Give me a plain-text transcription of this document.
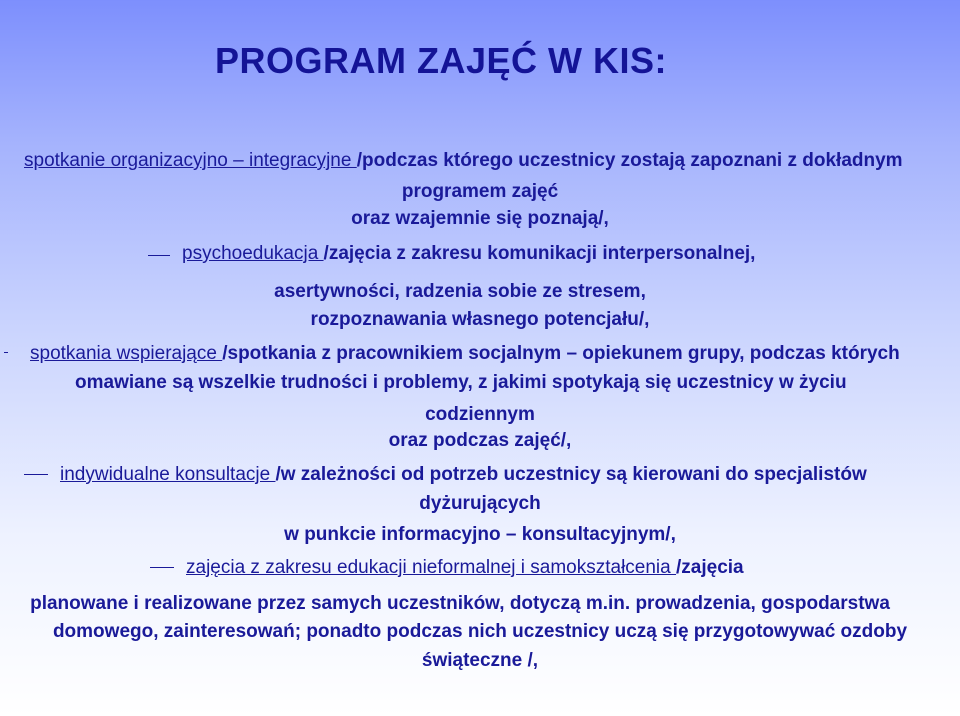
PROGRAM ZAJĘĆ W KIS:
spotkanie organizacyjno – integracyjne /podczas którego uczestnicy zostają zapoznani z dokładnym
programem zajęć
oraz wzajemnie się poznają/,
psychoedukacja /zajęcia z zakresu komunikacji interpersonalnej,
asertywności, radzenia sobie ze stresem,
rozpoznawania własnego potencjału/,
spotkania wspierające /spotkania z pracownikiem socjalnym – opiekunem grupy, podczas których
omawiane są wszelkie trudności i problemy, z jakimi spotykają się uczestnicy w życiu
codziennym
oraz podczas zajęć/,
indywidualne konsultacje /w zależności od potrzeb uczestnicy są kierowani do specjalistów
dyżurujących
w punkcie informacyjno – konsultacyjnym/,
zajęcia z zakresu edukacji nieformalnej i samokształcenia /zajęcia
planowane i realizowane przez samych uczestników, dotyczą m.in. prowadzenia, gospodarstwa
domowego, zainteresowań; ponadto podczas nich uczestnicy uczą się przygotowywać ozdoby
świąteczne /,
